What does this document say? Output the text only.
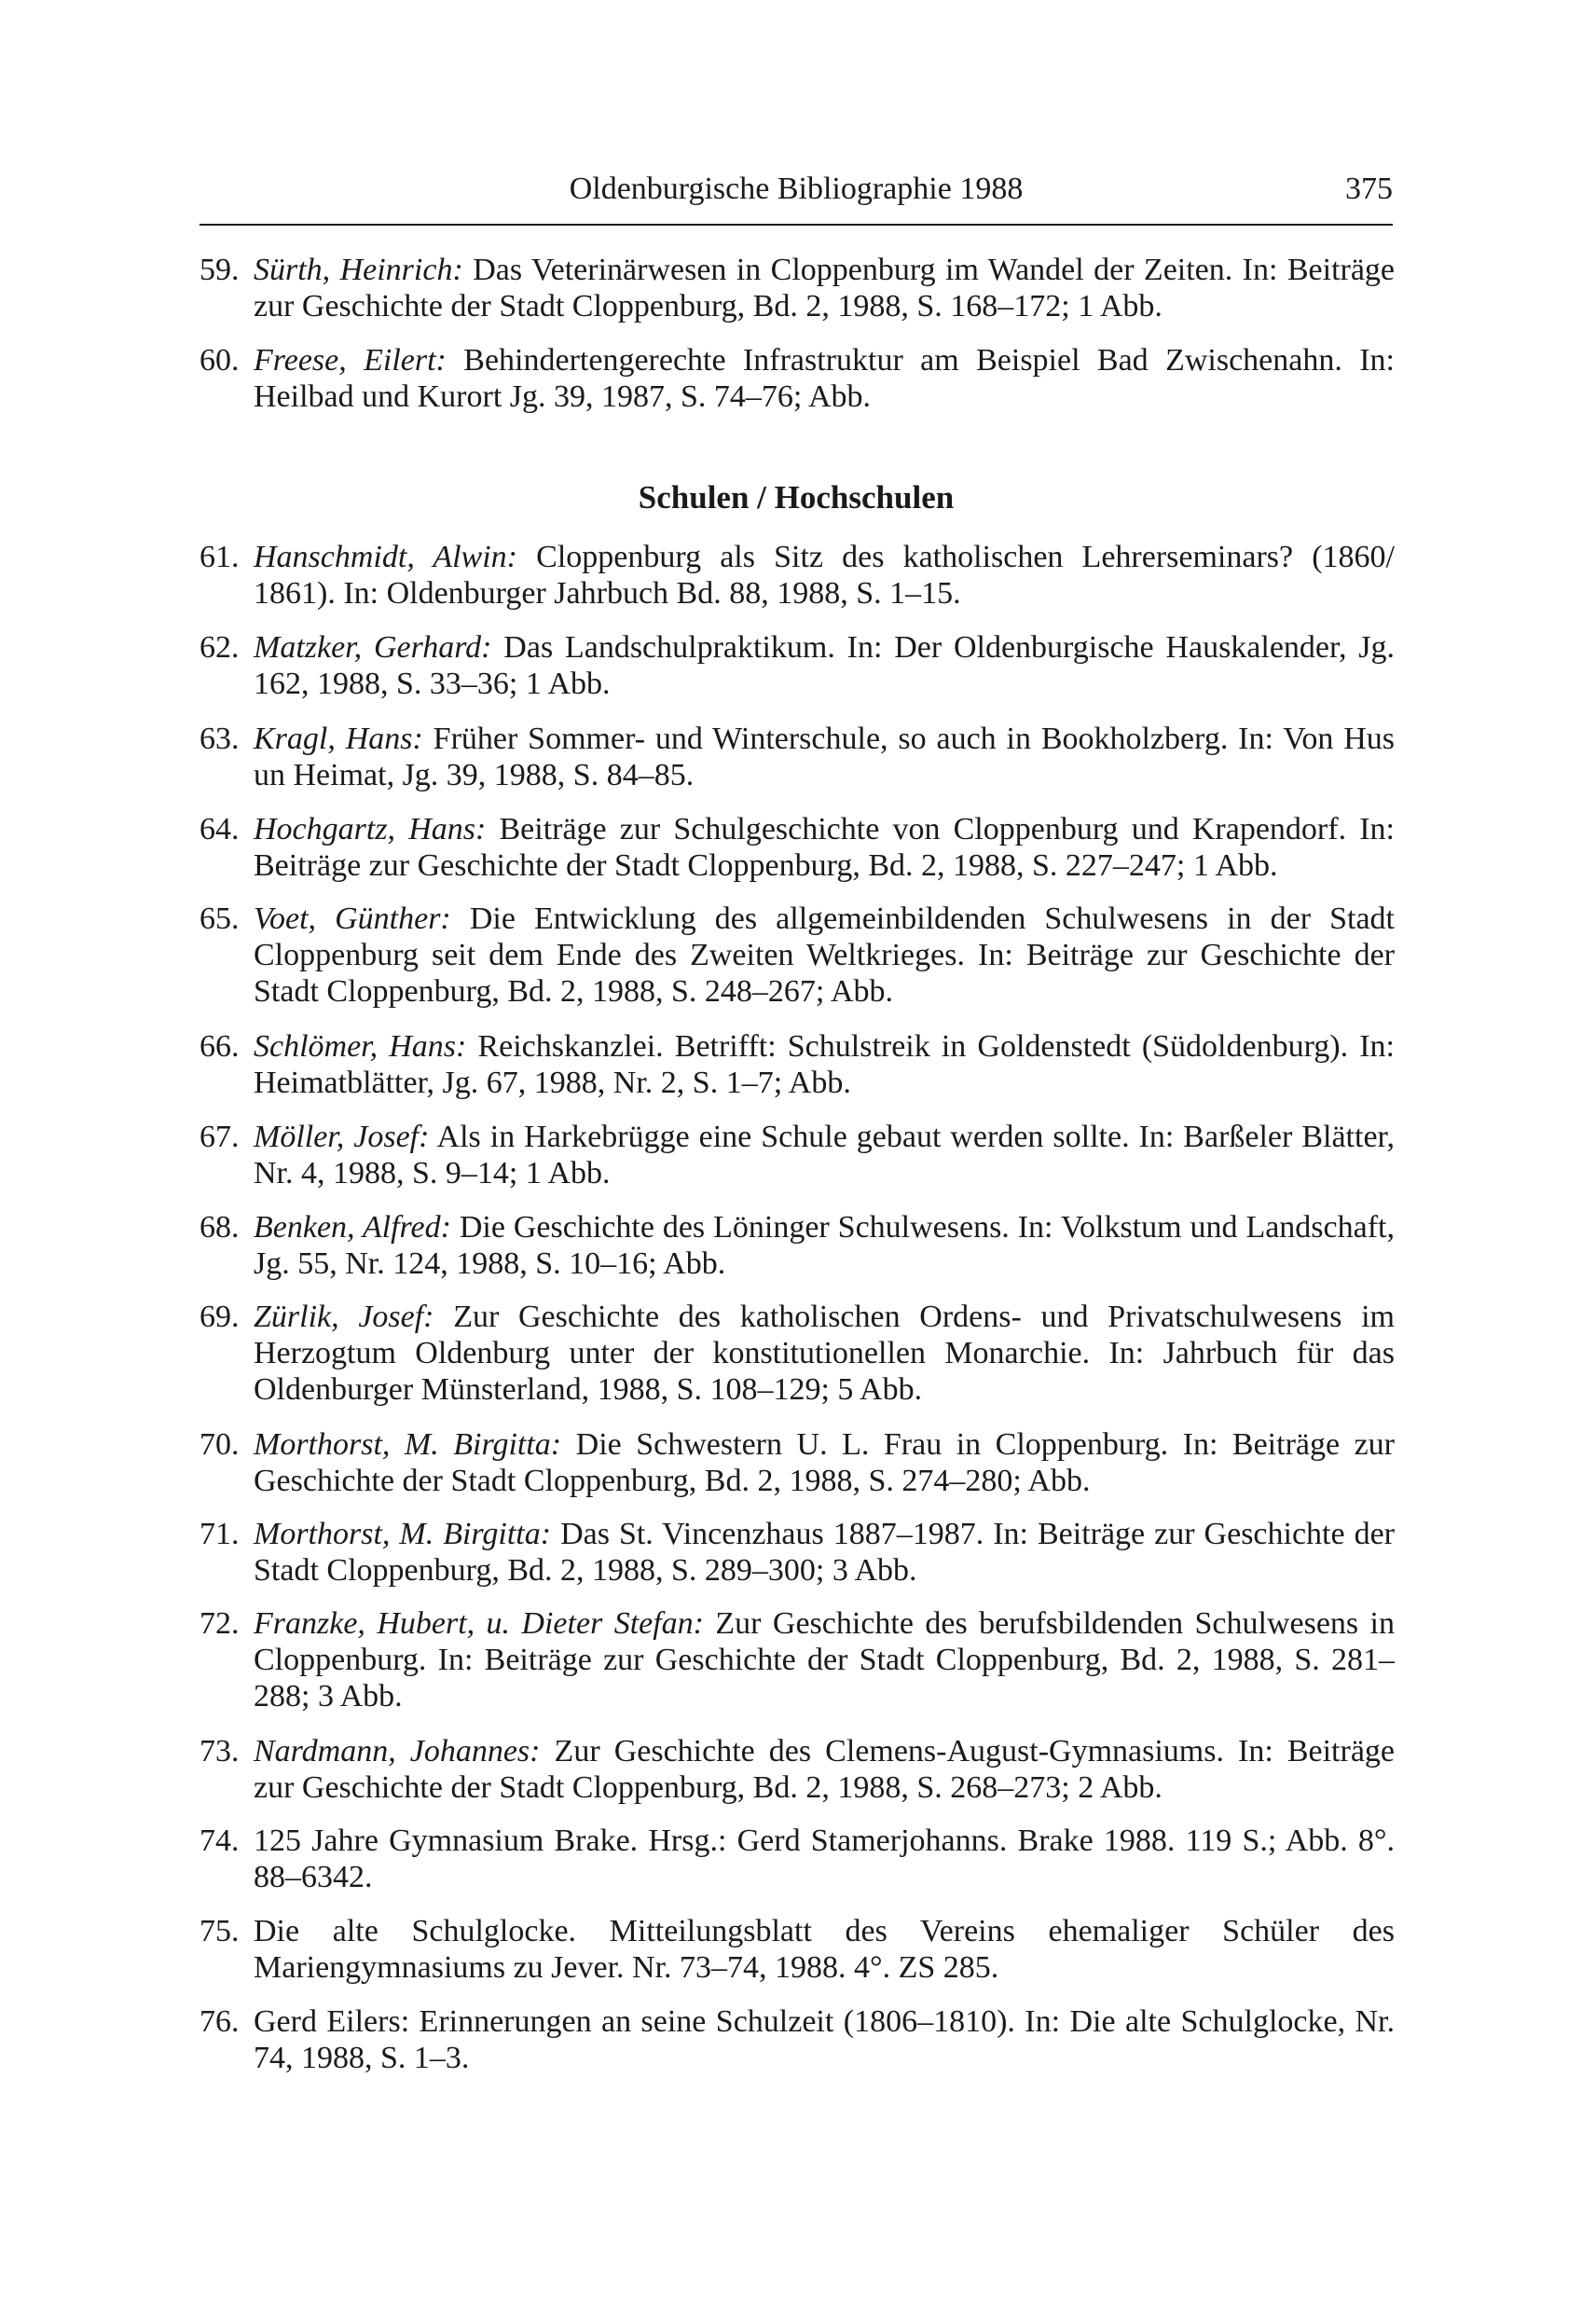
Oldenburgische Bibliographie 1988	375
59. Sürth, Heinrich: Das Veterinärwesen in Cloppenburg im Wandel der Zeiten. In: Beiträge zur Geschichte der Stadt Cloppenburg, Bd. 2, 1988, S. 168–172; 1 Abb.
60. Freese, Eilert: Behindertengerechte Infrastruktur am Beispiel Bad Zwischenahn. In: Heilbad und Kurort Jg. 39, 1987, S. 74–76; Abb.
Schulen / Hochschulen
61. Hanschmidt, Alwin: Cloppenburg als Sitz des katholischen Lehrerseminars? (1860/ 1861). In: Oldenburger Jahrbuch Bd. 88, 1988, S. 1–15.
62. Matzker, Gerhard: Das Landschulpraktikum. In: Der Oldenburgische Hauskalender, Jg. 162, 1988, S. 33–36; 1 Abb.
63. Kragl, Hans: Früher Sommer- und Winterschule, so auch in Bookholzberg. In: Von Hus un Heimat, Jg. 39, 1988, S. 84–85.
64. Hochgartz, Hans: Beiträge zur Schulgeschichte von Cloppenburg und Krapendorf. In: Beiträge zur Geschichte der Stadt Cloppenburg, Bd. 2, 1988, S. 227–247; 1 Abb.
65. Voet, Günther: Die Entwicklung des allgemeinbildenden Schulwesens in der Stadt Cloppenburg seit dem Ende des Zweiten Weltkrieges. In: Beiträge zur Geschichte der Stadt Cloppenburg, Bd. 2, 1988, S. 248–267; Abb.
66. Schlömer, Hans: Reichskanzlei. Betrifft: Schulstreik in Goldenstedt (Südoldenburg). In: Heimatblätter, Jg. 67, 1988, Nr. 2, S. 1–7; Abb.
67. Möller, Josef: Als in Harkebrügge eine Schule gebaut werden sollte. In: Barßeler Blätter, Nr. 4, 1988, S. 9–14; 1 Abb.
68. Benken, Alfred: Die Geschichte des Löninger Schulwesens. In: Volkstum und Landschaft, Jg. 55, Nr. 124, 1988, S. 10–16; Abb.
69. Zürlik, Josef: Zur Geschichte des katholischen Ordens- und Privatschulwesens im Herzogtum Oldenburg unter der konstitutionellen Monarchie. In: Jahrbuch für das Oldenburger Münsterland, 1988, S. 108–129; 5 Abb.
70. Morthorst, M. Birgitta: Die Schwestern U. L. Frau in Cloppenburg. In: Beiträge zur Geschichte der Stadt Cloppenburg, Bd. 2, 1988, S. 274–280; Abb.
71. Morthorst, M. Birgitta: Das St. Vincenzhaus 1887–1987. In: Beiträge zur Geschichte der Stadt Cloppenburg, Bd. 2, 1988, S. 289–300; 3 Abb.
72. Franzke, Hubert, u. Dieter Stefan: Zur Geschichte des berufsbildenden Schulwesens in Cloppenburg. In: Beiträge zur Geschichte der Stadt Cloppenburg, Bd. 2, 1988, S. 281–288; 3 Abb.
73. Nardmann, Johannes: Zur Geschichte des Clemens-August-Gymnasiums. In: Beiträge zur Geschichte der Stadt Cloppenburg, Bd. 2, 1988, S. 268–273; 2 Abb.
74. 125 Jahre Gymnasium Brake. Hrsg.: Gerd Stamerjohanns. Brake 1988. 119 S.; Abb. 8°. 88–6342.
75. Die alte Schulglocke. Mitteilungsblatt des Vereins ehemaliger Schüler des Mariengymnasiums zu Jever. Nr. 73–74, 1988. 4°. ZS 285.
76. Gerd Eilers: Erinnerungen an seine Schulzeit (1806–1810). In: Die alte Schulglocke, Nr. 74, 1988, S. 1–3.
